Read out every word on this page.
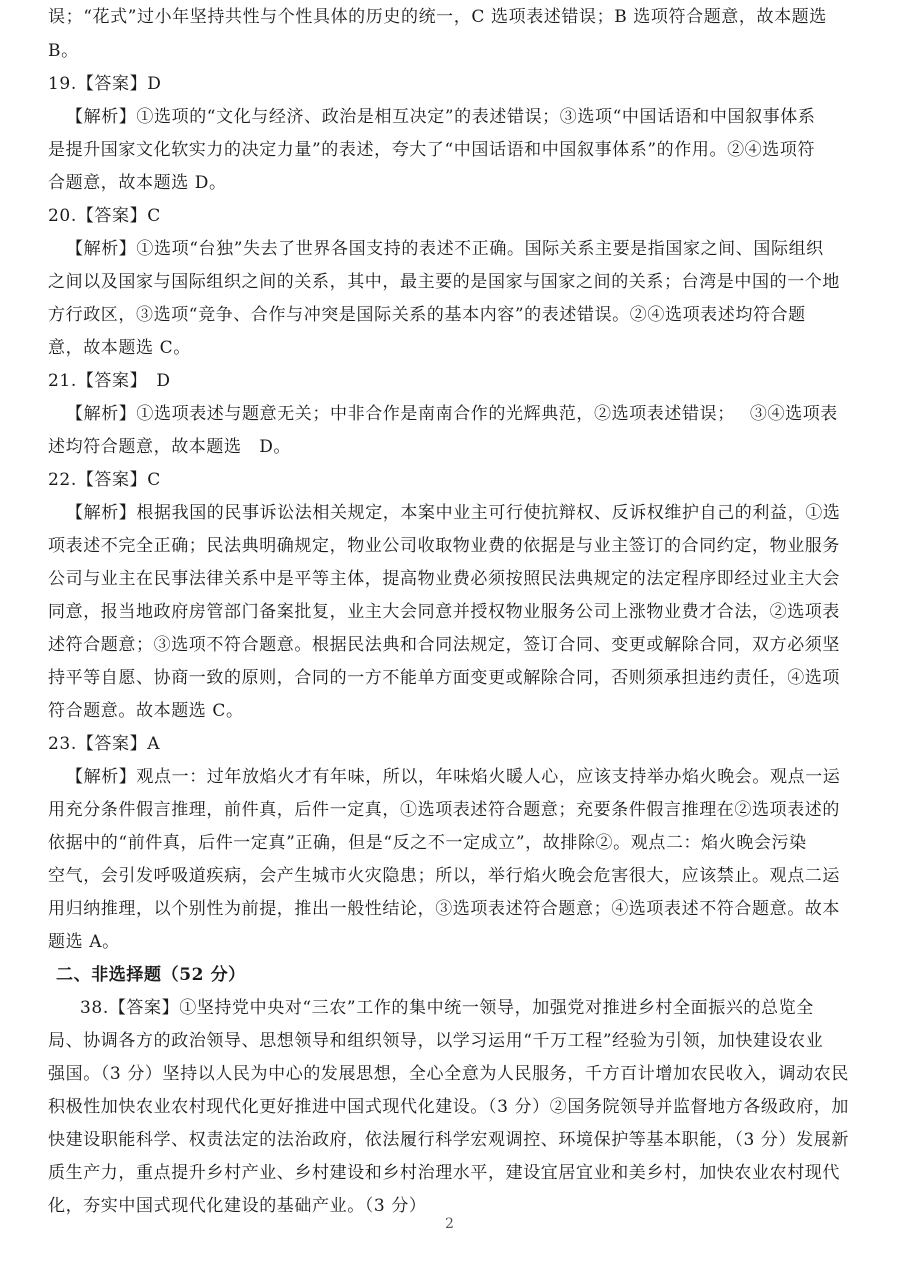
误；“花式”过小年坚持共性与个性具体的历史的统一，C 选项表述错误；B 选项符合题意，故本题选
B。
19.【答案】D
【解析】①选项的“文化与经济、政治是相互决定”的表述错误；③选项“中国话语和中国叙事体系
是提升国家文化软实力的决定力量”的表述，夸大了“中国话语和中国叙事体系”的作用。②④选项符
合题意，故本题选 D。
20.【答案】C
【解析】①选项“台独”失去了世界各国支持的表述不正确。国际关系主要是指国家之间、国际组织
之间以及国家与国际组织之间的关系，其中，最主要的是国家与国家之间的关系；台湾是中国的一个地
方行政区，③选项“竞争、合作与冲突是国际关系的基本内容”的表述错误。②④选项表述均符合题
意，故本题选 C。
21.【答案】　D
【解析】①选项表述与题意无关；中非合作是南南合作的光辉典范，②选项表述错误；　 ③④选项表
述均符合题意，故本题选　D。
22.【答案】C
【解析】根据我国的民事诉讼法相关规定，本案中业主可行使抗辩权、反诉权维护自己的利益，①选
项表述不完全正确；民法典明确规定，物业公司收取物业费的依据是与业主签订的合同约定，物业服务
公司与业主在民事法律关系中是平等主体，提高物业费必须按照民法典规定的法定程序即经过业主大会
同意，报当地政府房管部门备案批复，业主大会同意并授权物业服务公司上涨物业费才合法，②选项表
述符合题意；③选项不符合题意。根据民法典和合同法规定，签订合同、变更或解除合同，双方必须坚
持平等自愿、协商一致的原则，合同的一方不能单方面变更或解除合同，否则须承担违约责任，④选项
符合题意。故本题选 C。
23.【答案】A
【解析】观点一：过年放焰火才有年味，所以，年味焰火暖人心，应该支持举办焰火晚会。观点一运
用充分条件假言推理，前件真，后件一定真，①选项表述符合题意；充要条件假言推理在②选项表述的
依据中的“前件真，后件一定真”正确，但是“反之不一定成立”，故排除②。观点二：焰火晚会污染
空气，会引发呼吸道疾病，会产生城市火灾隐患；所以，举行焰火晚会危害很大，应该禁止。观点二运
用归纳推理，以个别性为前提，推出一般性结论，③选项表述符合题意；④选项表述不符合题意。故本
题选 A。
二、非选择题（52 分）
38.【答案】①坚持党中央对“三农”工作的集中统一领导，加强党对推进乡村全面振兴的总览全
局、协调各方的政治领导、思想领导和组织领导，以学习运用“千万工程”经验为引领，加快建设农业
强国。（3 分）坚持以人民为中心的发展思想，全心全意为人民服务，千方百计增加农民收入，调动农民
积极性加快农业农村现代化更好推进中国式现代化建设。（3 分）②国务院领导并监督地方各级政府，加
快建设职能科学、权责法定的法治政府，依法履行科学宏观调控、环境保护等基本职能，（3 分）发展新
质生产力，重点提升乡村产业、乡村建设和乡村治理水平，建设宜居宜业和美乡村，加快农业农村现代
化，夯实中国式现代化建设的基础产业。（3 分）
2
